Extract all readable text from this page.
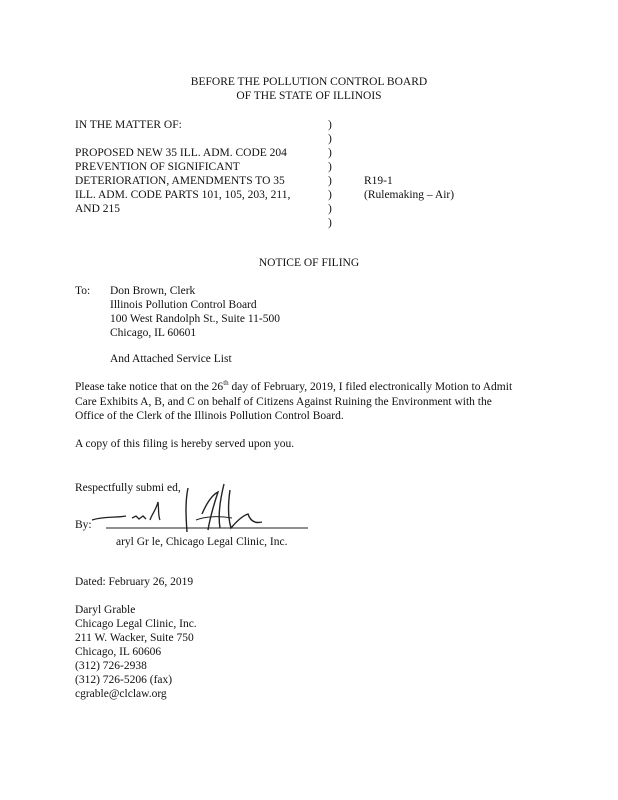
BEFORE THE POLLUTION CONTROL BOARD
OF THE STATE OF ILLINOIS
IN THE MATTER OF:
PROPOSED NEW 35 ILL. ADM. CODE 204
PREVENTION OF SIGNIFICANT
DETERIORATION, AMENDMENTS TO 35
ILL. ADM. CODE PARTS 101, 105, 203, 211,
AND 215
)
)
)
)
)
)
)
)
R19-1
(Rulemaking – Air)
NOTICE OF FILING
To: Don Brown, Clerk
Illinois Pollution Control Board
100 West Randolph St., Suite 11-500
Chicago, IL 60601
And Attached Service List
Please take notice that on the 26th day of February, 2019, I filed electronically Motion to Admit
Care Exhibits A, B, and C on behalf of Citizens Against Ruining the Environment with the
Office of the Clerk of the Illinois Pollution Control Board.
A copy of this filing is hereby served upon you.
Respectfully submi ed,
By:
aryl Gr le, Chicago Legal Clinic, Inc.
Dated: February 26, 2019
Daryl Grable
Chicago Legal Clinic, Inc.
211 W. Wacker, Suite 750
Chicago, IL 60606
(312) 726-2938
(312) 726-5206 (fax)
cgrable@clclaw.org
